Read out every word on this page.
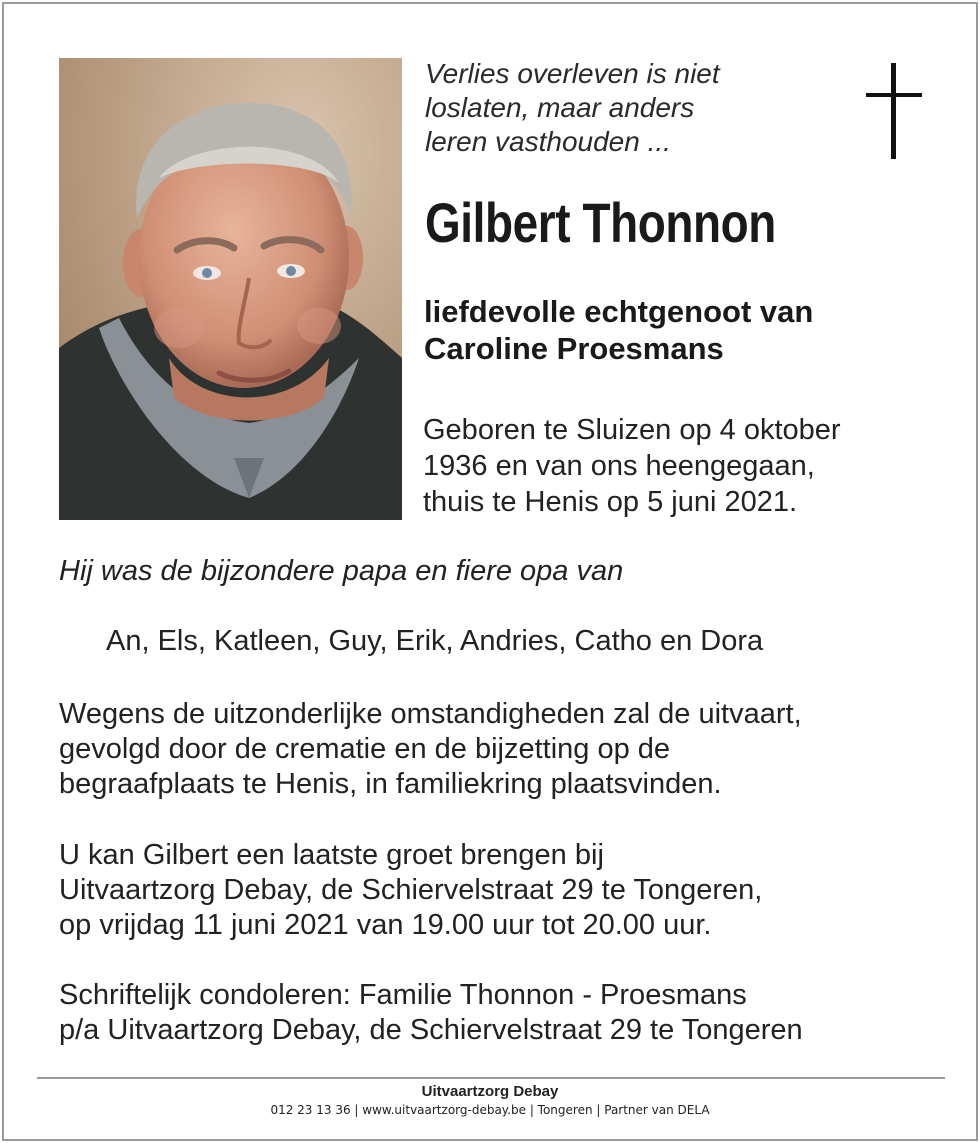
Verlies overleven is niet
loslaten, maar anders
leren vasthouden ...
Gilbert Thonnon
liefdevolle echtgenoot van
Caroline Proesmans
Geboren te Sluizen op 4 oktober
1936 en van ons heengegaan,
thuis te Henis op 5 juni 2021.
Hij was de bijzondere papa en fiere opa van
An, Els, Katleen, Guy, Erik, Andries, Catho en Dora
Wegens de uitzonderlijke omstandigheden zal de uitvaart,
gevolgd door de crematie en de bijzetting op de
begraafplaats te Henis, in familiekring plaatsvinden.
U kan Gilbert een laatste groet brengen bij
Uitvaartzorg Debay, de Schiervelstraat 29 te Tongeren,
op vrijdag 11 juni 2021 van 19.00 uur tot 20.00 uur.
Schriftelijk condoleren: Familie Thonnon - Proesmans
p/a Uitvaartzorg Debay, de Schiervelstraat 29 te Tongeren
Uitvaartzorg Debay
012 23 13 36 | www.uitvaartzorg-debay.be | Tongeren | Partner van DELA
